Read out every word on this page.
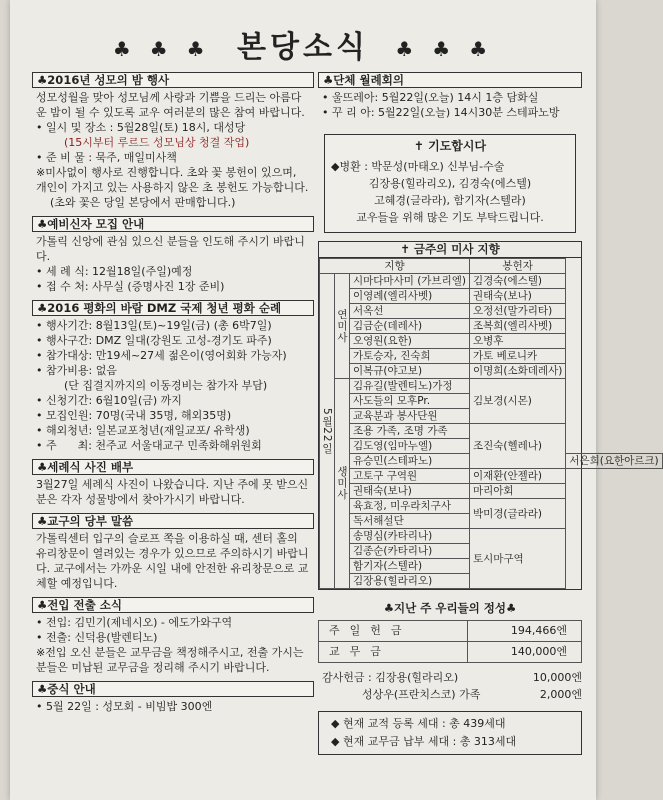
♣ ♣ ♣ 본당소식 ♣ ♣ ♣
♣2016년 성모의 밤 행사
성모성월을 맞아 성모님께 사랑과 기쁨을 드리는 아름다운 밤이 될 수 있도록 교우 여러분의 많은 참여 바랍니다.
• 일시 및 장소 : 5월28일(토) 18시, 대성당
(15시부터 루르드 성모님상 청결 작업)
• 준 비 물 : 묵주, 매일미사책
※미사없이 행사로 진행합니다. 초와 꽃 봉헌이 있으며, 개인이 가지고 있는 사용하지 않은 초 봉헌도 가능합니다.
(초와 꽃은 당일 본당에서 판매합니다.)
♣예비신자 모집 안내
가톨릭 신앙에 관심 있으신 분들을 인도해 주시기 바랍니다.
• 세 례 식: 12월18일(주일)예정
• 접 수 처: 사무실 (증명사진 1장 준비)
♣2016 평화의 바람 DMZ 국제 청년 평화 순례
• 행사기간: 8월13일(토)~19일(금) (총 6박7일)
• 행사구간: DMZ 일대(강원도 고성-경기도 파주)
• 참가대상: 만19세~27세 젊은이(영어회화 가능자)
• 참가비용: 없음
(단 집결지까지의 이동경비는 참가자 부담)
• 신청기간: 6월10일(금) 까지
• 모집인원: 70명(국내 35명, 해외35명)
• 해외청년: 일본교포청년(재일교포/ 유학생)
• 주      최: 천주교 서울대교구 민족화해위원회
♣세례식 사진 배부
3월27일 세례식 사진이 나왔습니다. 지난 주에 못 받으신 분은 각자 성물방에서 찾아가시기 바랍니다.
♣교구의 당부 말씀
가톨릭센터 입구의 슬로프 쪽을 이용하실 때, 센터 홀의 유리창문이 열려있는 경우가 있으므로 주의하시기 바랍니다. 교구에서는 가까운 시일 내에 안전한 유리창문으로 교체할 예정입니다.
♣전입 전출 소식
• 전입: 김민기(제네시오) - 에도가와구역
• 전출: 신덕용(발렌티노)
※전입 오신 분들은 교무금을 책정해주시고, 전출 가시는 분들은 미납된 교무금을 정리해 주시기 바랍니다.
♣중식 안내
• 5월 22일 : 성모회 - 비빔밥 300엔
♣단체 월례회의
• 울뜨레아: 5월22일(오늘) 14시 1층 담화실
• 꾸 리 아: 5월22일(오늘) 14시30분 스테파노방
✝ 기도합시다
◆병환 : 박문성(마태오) 신부님-수술
김장용(힐라리오), 김경숙(에스텔)
고혜경(글라라), 함기자(스텔라)
교우들을 위해 많은 기도 부탁드립니다.
✝ 금주의 미사 지향
지향			봉헌자	
5월22일	연미사	시마다마사미 (가브리엘)	김경숙(에스텔)	
		이영례(엘리사벳)	권태숙(보나)	
		서옥선	오정선(말가리타)	
		김금순(데레사)	조복희(엘리사벳)	
		오영원(요한)	오병후	
		가토승자, 진숙희	가토 베로니카	
		이복규(야고보)	이명희(소화데레사)	
	생미사	김유길(발렌티노)가정	김보경(시몬)	
		사도들의 모후Pr.		
		교육분과 봉사단원		
		조용 가족, 조명 가족	조진숙(헬레나)	
		김도영(임마누엘)		
		유승민(스테파노)		서은희(요한아르크)
		고토구 구역원	이재환(안젤라)	
		권태숙(보나)	마리아회	
		육효정, 미우라치구사	박미경(글라라)	
		독서해설단		
		송명심(카타리나)	토시마구역	
		김종순(카타리나)		
		함기자(스텔라)		
		김장용(힐라리오)		
♣지난 주 우리들의 정성♣
주일헌금	194,466엔
교무금	140,000엔
감사헌금 : 김장용(힐라리오)	10,000엔
성상우(프란치스코) 가족	2,000엔
◆ 현재 교적 등록 세대 : 총 439세대
◆ 현재 교무금 납부 세대 : 총 313세대
